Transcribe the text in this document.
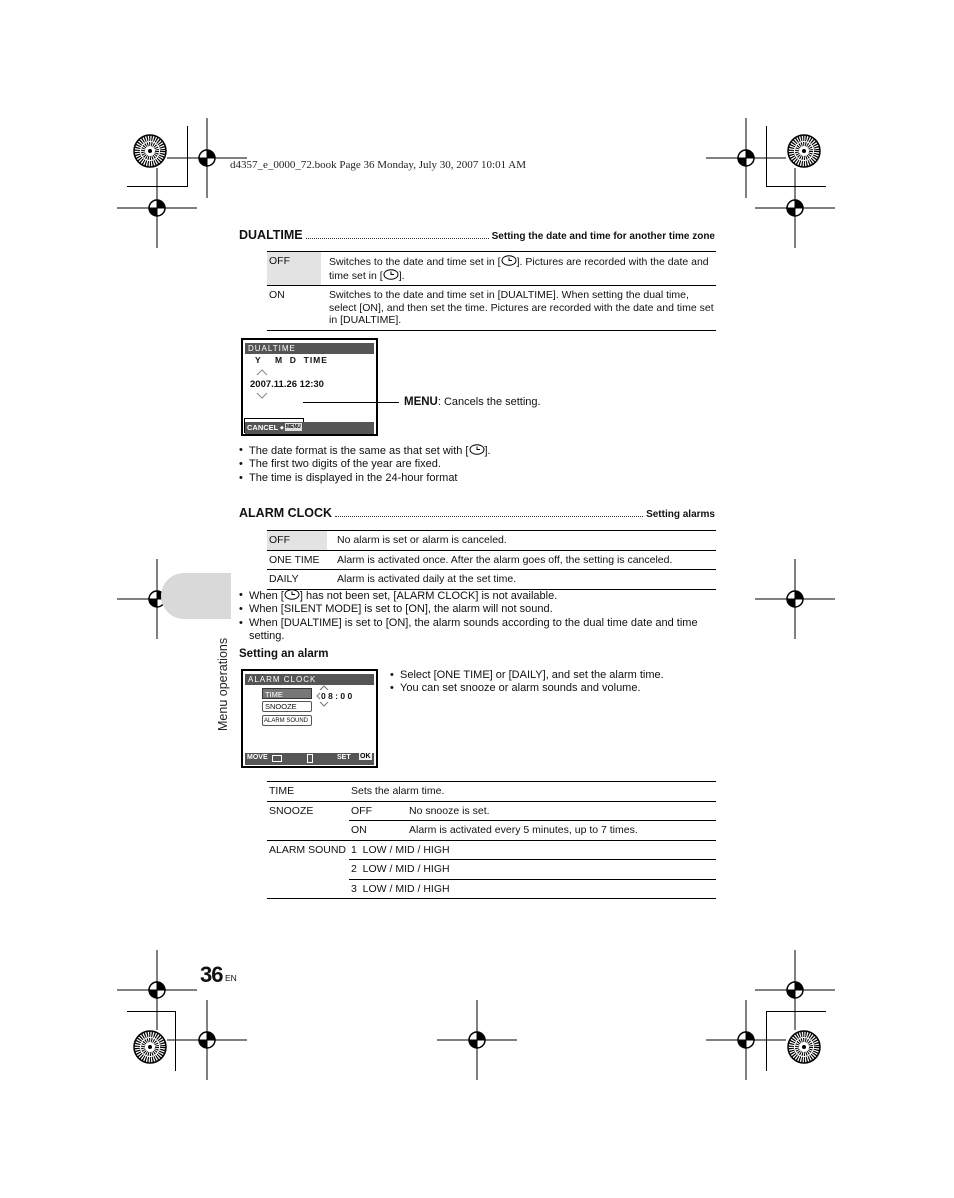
d4357_e_0000_72.book Page 36 Monday, July 30, 2007 10:01 AM
DUALTIME	Setting the date and time for another time zone
OFF	Switches to the date and time set in [ ]. Pictures are recorded with the date and time set in [ ].
ON	Switches to the date and time set in [DUALTIME]. When setting the dual time, select [ON], and then set the time. Pictures are recorded with the date and time set in [DUALTIME].
DUALTIME
Y    M  D  TIME
2007.11.26 12:30
CANCEL ◆ MENU
MENU: Cancels the setting.
• The date format is the same as that set with [ ].
• The first two digits of the year are fixed.
• The time is displayed in the 24-hour format
ALARM CLOCK	Setting alarms
OFF	No alarm is set or alarm is canceled.
ONE TIME	Alarm is activated once. After the alarm goes off, the setting is canceled.
DAILY	Alarm is activated daily at the set time.
Menu operations
• When [ ] has not been set, [ALARM CLOCK] is not available.
• When [SILENT MODE] is set to [ON], the alarm will not sound.
• When [DUALTIME] is set to [ON], the alarm sounds according to the dual time date and time setting.
Setting an alarm
ALARM CLOCK
TIME
SNOOZE
ALARM SOUND
0 8 : 0 0
MOVE	SET OK
• Select [ONE TIME] or [DAILY], and set the alarm time.
• You can set snooze or alarm sounds and volume.
TIME	Sets the alarm time.	
SNOOZE	OFF	No snooze is set.
	ON	Alarm is activated every 5 minutes, up to 7 times.
ALARM SOUND	1  LOW / MID / HIGH	
	2  LOW / MID / HIGH	
	3  LOW / MID / HIGH	
36 EN
